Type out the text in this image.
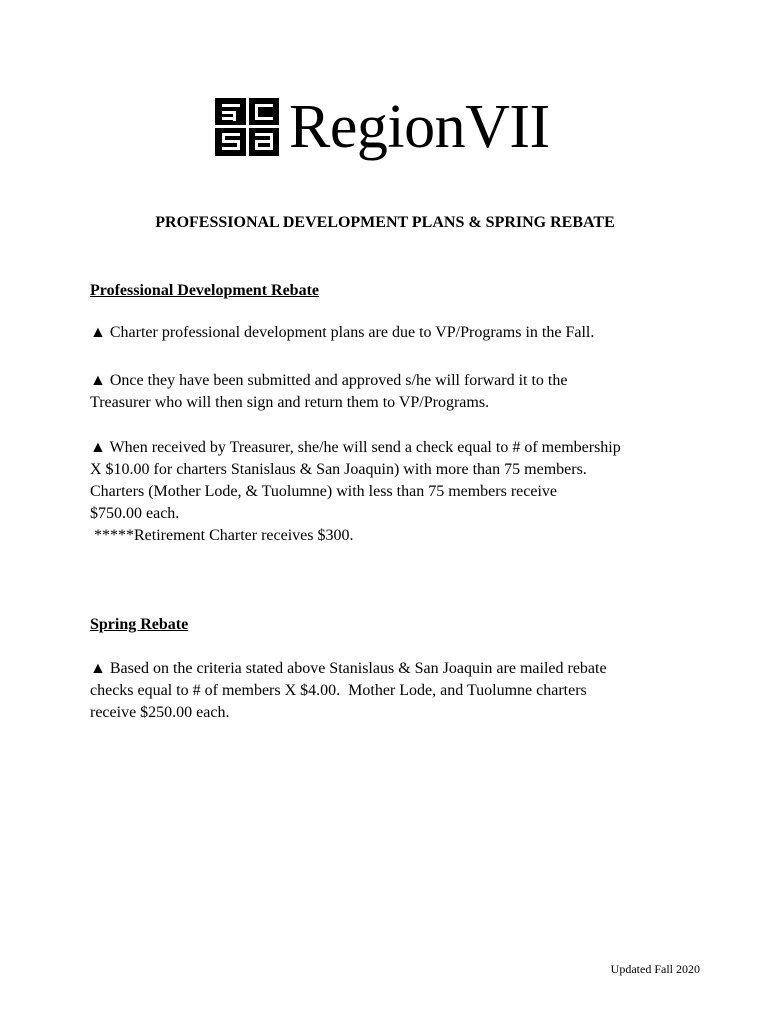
RegionVII
PROFESSIONAL DEVELOPMENT PLANS & SPRING REBATE
Professional Development Rebate
▲ Charter professional development plans are due to VP/Programs in the Fall.
▲ Once they have been submitted and approved s/he will forward it to the
Treasurer who will then sign and return them to VP/Programs.
▲ When received by Treasurer, she/he will send a check equal to # of membership
X $10.00 for charters Stanislaus & San Joaquin) with more than 75 members.
Charters (Mother Lode, & Tuolumne) with less than 75 members receive
$750.00 each.
*****Retirement Charter receives $300.
Spring Rebate
▲ Based on the criteria stated above Stanislaus & San Joaquin are mailed rebate
checks equal to # of members X $4.00.  Mother Lode, and Tuolumne charters
receive $250.00 each.
Updated Fall 2020
